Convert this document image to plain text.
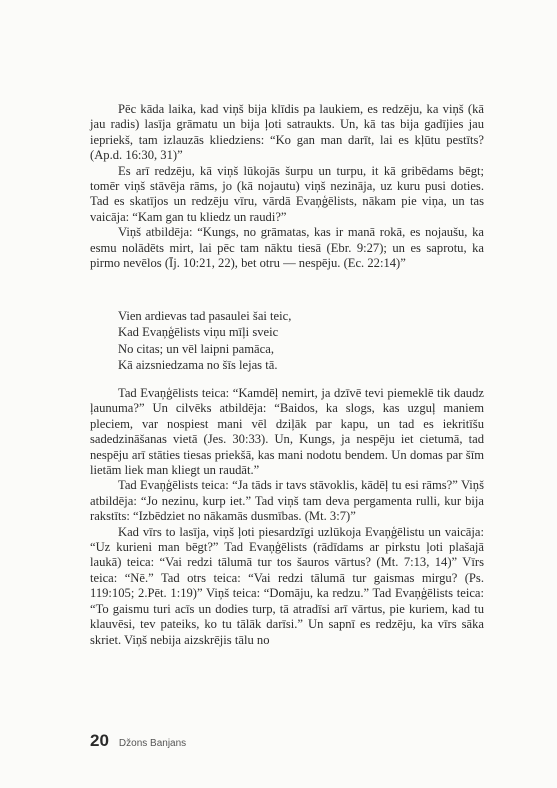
Pēc kāda laika, kad viņš bija klīdis pa laukiem, es redzēju, ka viņš (kā jau radis) lasīja grāmatu un bija ļoti satraukts. Un, kā tas bija gadījies jau iepriekš, tam izlauzās kliedziens: “Ko gan man darīt, lai es kļūtu pestīts? (Ap.d. 16:30, 31)”

Es arī redzēju, kā viņš lūkojās šurpu un turpu, it kā gribēdams bēgt; tomēr viņš stāvēja rāms, jo (kā nojautu) viņš nezināja, uz kuru pusi doties. Tad es skatījos un redzēju vīru, vārdā Evaņģēlists, nākam pie viņa, un tas vaicāja: “Kam gan tu kliedz un raudi?”

Viņš atbildēja: “Kungs, no grāmatas, kas ir manā rokā, es nojaušu, ka esmu nolādēts mirt, lai pēc tam nāktu tiesā (Ebr. 9:27); un es saprotu, ka pirmo nevēlos (Īj. 10:21, 22), bet otru — nespēju. (Ec. 22:14)”

Vien ardievas tad pasaulei šai teic,
Kad Evaņģēlists viņu mīļi sveic
No citas; un vēl laipni pamāca,
Kā aizsniedzama no šīs lejas tā.

Tad Evaņģēlists teica: “Kamdēļ nemirt, ja dzīvē tevi piemeklē tik daudz ļaunuma?” Un cilvēks atbildēja: “Baidos, ka slogs, kas uzguļ maniem pleciem, var nospiest mani vēl dziļāk par kapu, un tad es iekritīšu sadedzināšanas vietā (Jes. 30:33). Un, Kungs, ja nespēju iet cietumā, tad nespēju arī stāties tiesas priekšā, kas mani nodotu bendem. Un domas par šīm lietām liek man kliegt un raudāt.”

Tad Evaņģēlists teica: “Ja tāds ir tavs stāvoklis, kādēļ tu esi rāms?” Viņš atbildēja: “Jo nezinu, kurp iet.” Tad viņš tam deva pergamenta rulli, kur bija rakstīts: “Izbēdziet no nākamās dusmības. (Mt. 3:7)”

Kad vīrs to lasīja, viņš ļoti piesardzīgi uzlūkoja Evaņģēlistu un vaicāja: “Uz kurieni man bēgt?” Tad Evaņģēlists (rādīdams ar pirkstu ļoti plašajā laukā) teica: “Vai redzi tālumā tur tos šauros vārtus? (Mt. 7:13, 14)” Vīrs teica: “Nē.” Tad otrs teica: “Vai redzi tālumā tur gaismas mirgu? (Ps. 119:105; 2.Pēt. 1:19)” Viņš teica: “Domāju, ka redzu.” Tad Evaņģēlists teica: “To gaismu turi acīs un dodies turp, tā atradīsi arī vārtus, pie kuriem, kad tu klauvēsi, tev pateiks, ko tu tālāk darīsi.” Un sapnī es redzēju, ka vīrs sāka skriet. Viņš nebija aizskrējis tālu no

20 Džons Banjans
